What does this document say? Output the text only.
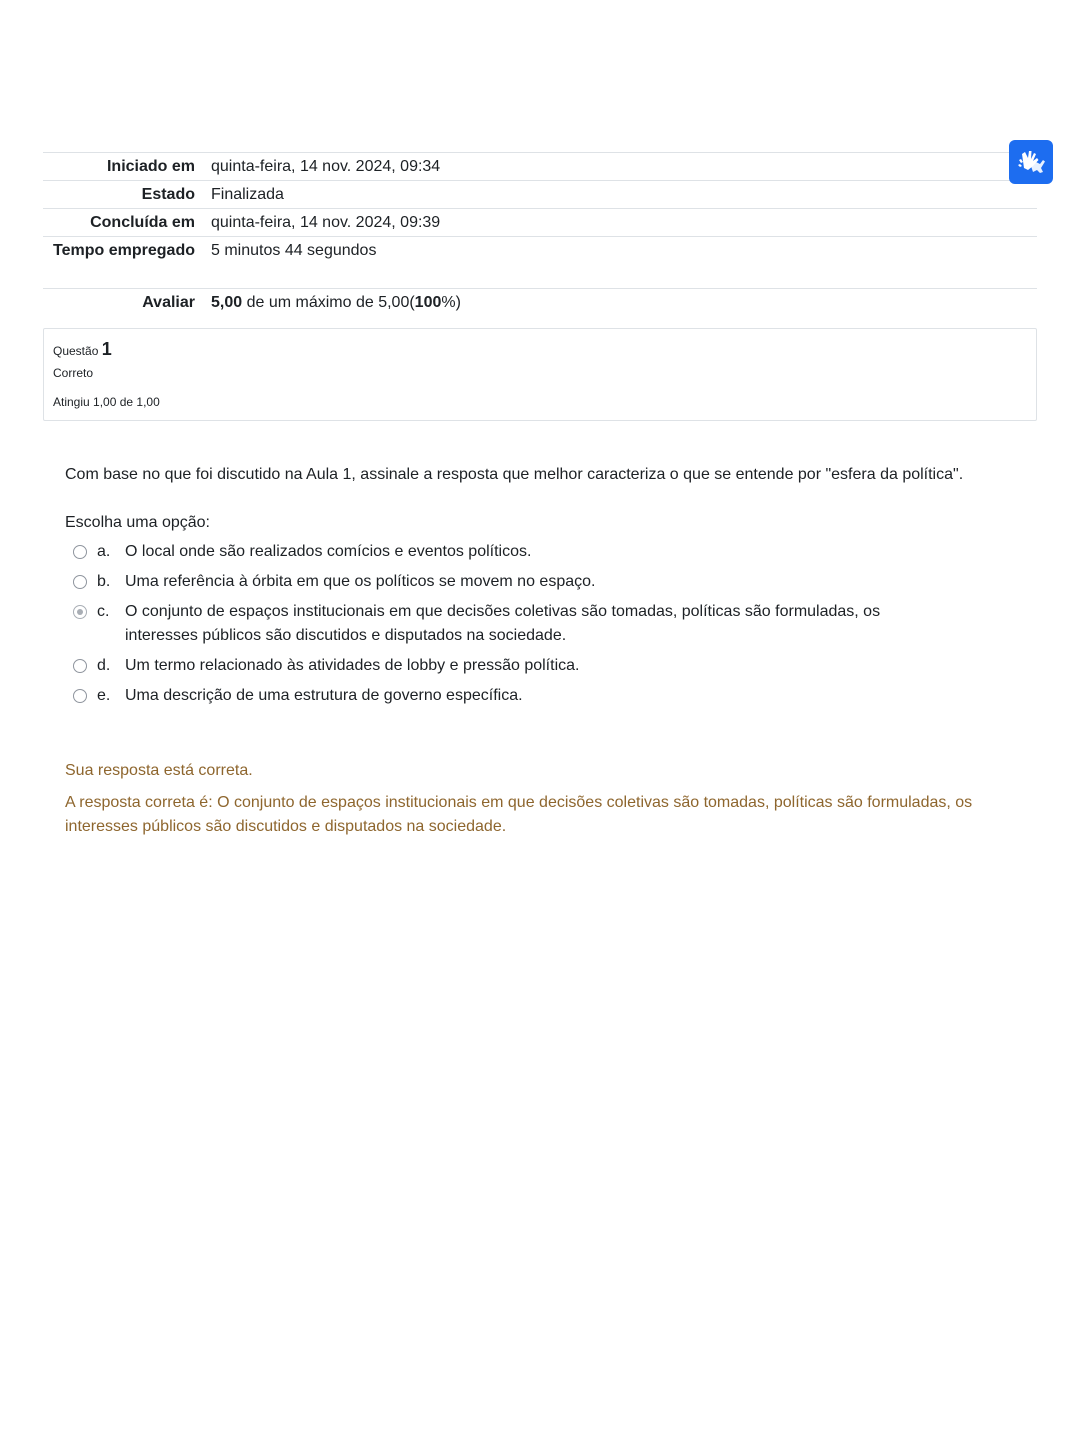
Iniciado em	quinta-feira, 14 nov. 2024, 09:34
Estado	Finalizada
Concluída em	quinta-feira, 14 nov. 2024, 09:39
Tempo empregado	5 minutos 44 segundos
Avaliar	5,00 de um máximo de 5,00(100%)
Questão 1
Correto
Atingiu 1,00 de 1,00
Com base no que foi discutido na Aula 1, assinale a resposta que melhor caracteriza o que se entende por "esfera da política".
Escolha uma opção:
a. O local onde são realizados comícios e eventos políticos.
b. Uma referência à órbita em que os políticos se movem no espaço.
c. O conjunto de espaços institucionais em que decisões coletivas são tomadas, políticas são formuladas, os interesses públicos são discutidos e disputados na sociedade.
d. Um termo relacionado às atividades de lobby e pressão política.
e. Uma descrição de uma estrutura de governo específica.
Sua resposta está correta.
A resposta correta é: O conjunto de espaços institucionais em que decisões coletivas são tomadas, políticas são formuladas, os interesses públicos são discutidos e disputados na sociedade.
